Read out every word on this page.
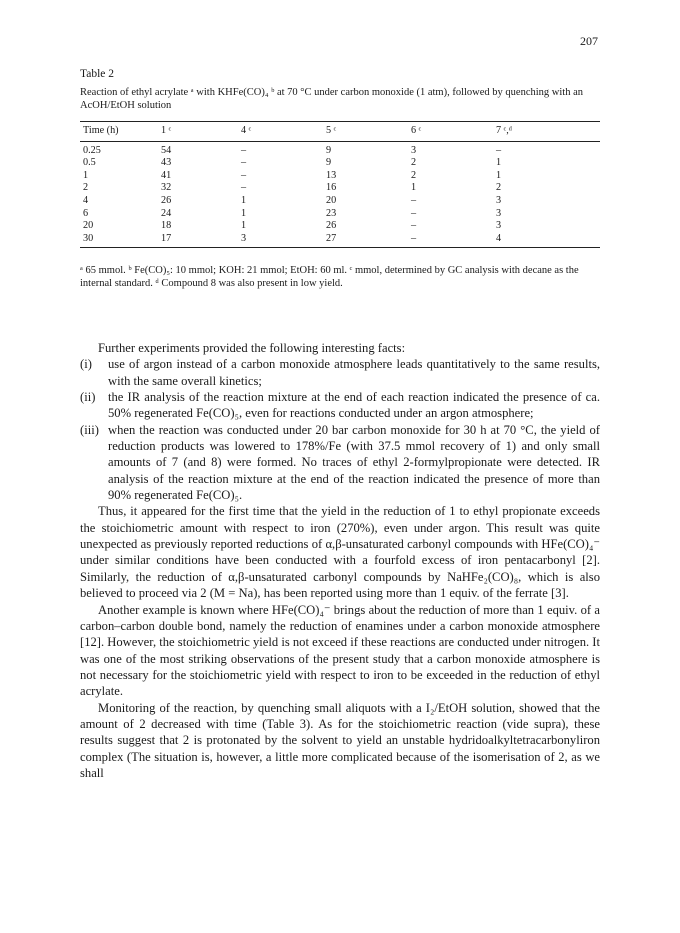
207
Table 2
Reaction of ethyl acrylate ᵃ with KHFe(CO)₄ ᵇ at 70 °C under carbon monoxide (1 atm), followed by quenching with an AcOH/EtOH solution
Time (h)	1 ᶜ	4 ᶜ	5 ᶜ	6 ᶜ	7 ᶜ,ᵈ
0.25	54	–	9	3	–
0.5	43	–	9	2	1
1	41	–	13	2	1
2	32	–	16	1	2
4	26	1	20	–	3
6	24	1	23	–	3
20	18	1	26	–	3
30	17	3	27	–	4
ᵃ 65 mmol. ᵇ Fe(CO)₅: 10 mmol; KOH: 21 mmol; EtOH: 60 ml. ᶜ mmol, determined by GC analysis with decane as the internal standard. ᵈ Compound 8 was also present in low yield.

Further experiments provided the following interesting facts:

(i)	use of argon instead of a carbon monoxide atmosphere leads quantitatively to the same results, with the same overall kinetics;
(ii)	the IR analysis of the reaction mixture at the end of each reaction indicated the presence of ca. 50% regenerated Fe(CO)₅, even for reactions conducted under an argon atmosphere;
(iii) when the reaction was conducted under 20 bar carbon monoxide for 30 h at 70 °C, the yield of reduction products was lowered to 178%/Fe (with 37.5 mmol recovery of 1) and only small amounts of 7 (and 8) were formed. No traces of ethyl 2-formylpropionate were detected. IR analysis of the reaction mixture at the end of the reaction indicated the presence of more than 90% regenerated Fe(CO)₅.

Thus, it appeared for the first time that the yield in the reduction of 1 to ethyl propionate exceeds the stoichiometric amount with respect to iron (270%), even under argon. This result was quite unexpected as previously reported reductions of α,β-unsaturated carbonyl compounds with HFe(CO)₄⁻ under similar conditions have been conducted with a fourfold excess of iron pentacarbonyl [2]. Similarly, the reduction of α,β-unsaturated carbonyl compounds by NaHFe₂(CO)₈, which is also believed to proceed via 2 (M = Na), has been reported using more than 1 equiv. of the ferrate [3].

Another example is known where HFe(CO)₄⁻ brings about the reduction of more than 1 equiv. of a carbon–carbon double bond, namely the reduction of enamines under a carbon monoxide atmosphere [12]. However, the stoichiometric yield is not exceed if these reactions are conducted under nitrogen. It was one of the most striking observations of the present study that a carbon monoxide atmosphere is not necessary for the stoichiometric yield with respect to iron to be exceeded in the reduction of ethyl acrylate.

Monitoring of the reaction, by quenching small aliquots with a I₂/EtOH solution, showed that the amount of 2 decreased with time (Table 3). As for the stoichiometric reaction (vide supra), these results suggest that 2 is protonated by the solvent to yield an unstable hydridoalkyltetracarbonyliron complex (The situation is, however, a little more complicated because of the isomerisation of 2, as we shall
